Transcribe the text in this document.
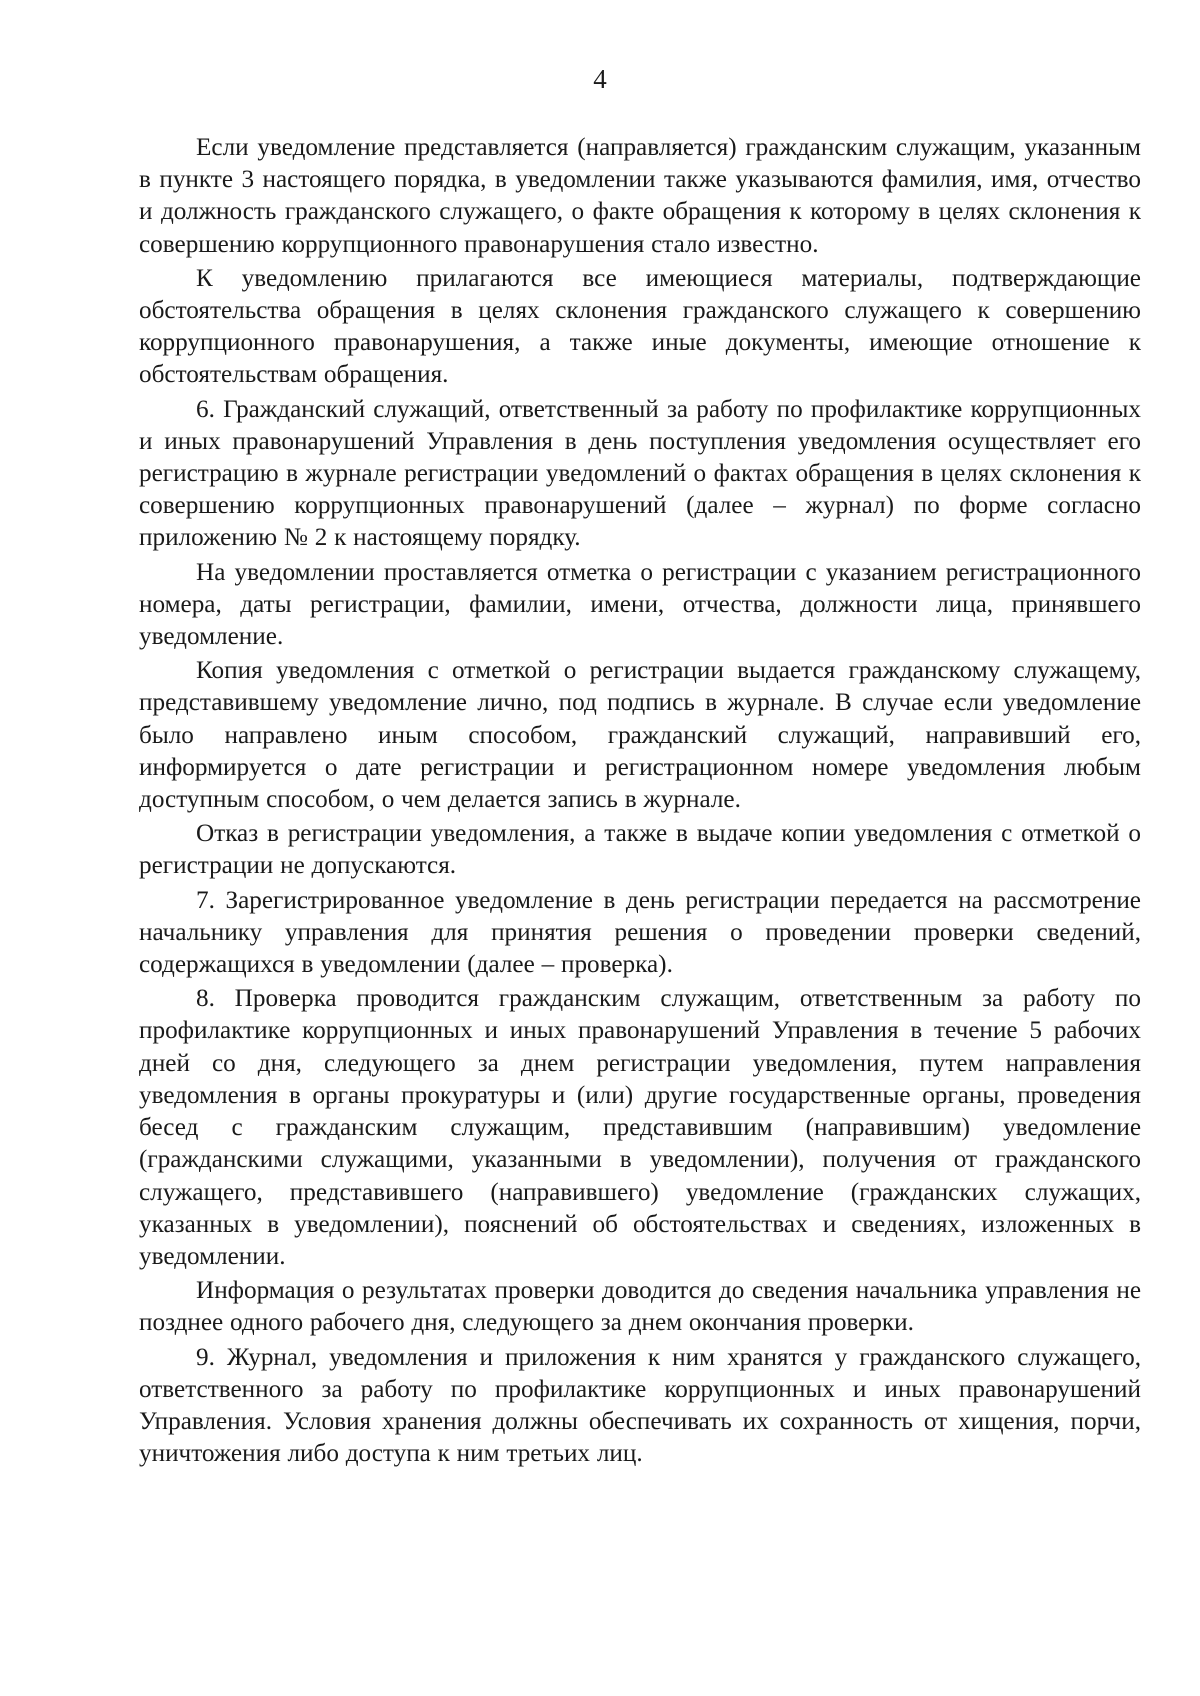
4

Если уведомление представляется (направляется) гражданским служащим, указанным в пункте 3 настоящего порядка, в уведомлении также указываются фамилия, имя, отчество и должность гражданского служащего, о факте обращения к которому в целях склонения к совершению коррупционного правонарушения стало известно.

К уведомлению прилагаются все имеющиеся материалы, подтверждающие обстоятельства обращения в целях склонения гражданского служащего к совершению коррупционного правонарушения, а также иные документы, имеющие отношение к обстоятельствам обращения.

6. Гражданский служащий, ответственный за работу по профилактике коррупционных и иных правонарушений Управления в день поступления уведомления осуществляет его регистрацию в журнале регистрации уведомлений о фактах обращения в целях склонения к совершению коррупционных правонарушений (далее – журнал) по форме согласно приложению № 2 к настоящему порядку.

На уведомлении проставляется отметка о регистрации с указанием регистрационного номера, даты регистрации, фамилии, имени, отчества, должности лица, принявшего уведомление.

Копия уведомления с отметкой о регистрации выдается гражданскому служащему, представившему уведомление лично, под подпись в журнале. В случае если уведомление было направлено иным способом, гражданский служащий, направивший его, информируется о дате регистрации и регистрационном номере уведомления любым доступным способом, о чем делается запись в журнале.

Отказ в регистрации уведомления, а также в выдаче копии уведомления с отметкой о регистрации не допускаются.

7. Зарегистрированное уведомление в день регистрации передается на рассмотрение начальнику управления для принятия решения о проведении проверки сведений, содержащихся в уведомлении (далее – проверка).

8. Проверка проводится гражданским служащим, ответственным за работу по профилактике коррупционных и иных правонарушений Управления в течение 5 рабочих дней со дня, следующего за днем регистрации уведомления, путем направления уведомления в органы прокуратуры и (или) другие государственные органы, проведения бесед с гражданским служащим, представившим (направившим) уведомление (гражданскими служащими, указанными в уведомлении), получения от гражданского служащего, представившего (направившего) уведомление (гражданских служащих, указанных в уведомлении), пояснений об обстоятельствах и сведениях, изложенных в уведомлении.

Информация о результатах проверки доводится до сведения начальника управления не позднее одного рабочего дня, следующего за днем окончания проверки.

9. Журнал, уведомления и приложения к ним хранятся у гражданского служащего, ответственного за работу по профилактике коррупционных и иных правонарушений Управления. Условия хранения должны обеспечивать их сохранность от хищения, порчи, уничтожения либо доступа к ним третьих лиц.
